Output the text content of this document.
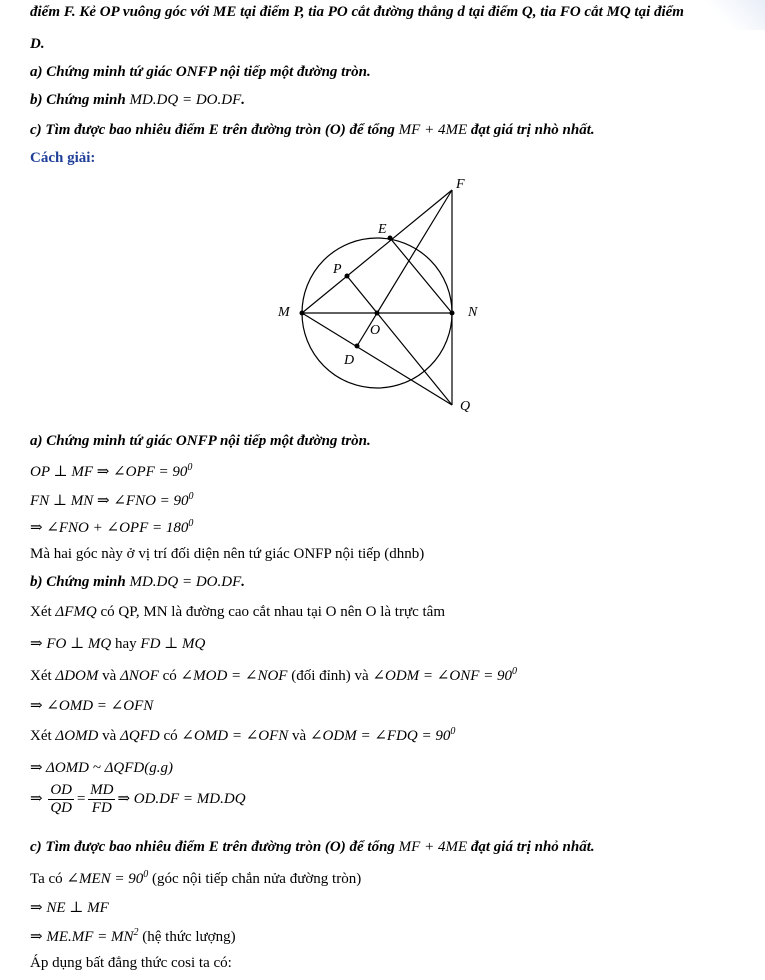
điểm F. Kẻ OP vuông góc với ME tại điểm P, tia PO cắt đường thẳng d tại điểm Q, tia FO cắt MQ tại điểm
D.
a) Chứng minh tứ giác ONFP nội tiếp một đường tròn.
b) Chứng minh MD.DQ = DO.DF.
c) Tìm được bao nhiêu điểm E trên đường tròn (O) để tổng MF + 4ME đạt giá trị nhò nhất.
Cách giải:
F
E
P
M	N
O
D
Q
a) Chứng minh tứ giác ONFP nội tiếp một đường tròn.
OP ⊥ MF ⇒ ∠OPF = $90^0$
FN ⊥ MN ⇒ ∠FNO = $90^0$
⇒ ∠FNO + ∠OPF = $180^0$
Mà hai góc này ở vị trí đối diện nên tứ giác ONFP nội tiếp (dhnb)
b) Chứng minh MD.DQ = DO.DF.
Xét ΔFMQ có QP, MN là đường cao cắt nhau tại O nên O là trực tâm
⇒ FO ⊥ MQ hay FD ⊥ MQ
Xét ΔDOM và ΔNOF có ∠MOD = ∠NOF (đối đỉnh) và ∠ODM = ∠ONF = $90^0$
⇒ ∠OMD = ∠OFN
Xét ΔOMD và ΔQFD có ∠OMD = ∠OFN và ∠ODM = ∠FDQ = $90^0$
⇒ ΔOMD ~ ΔQFD(g.g)
⇒ $\frac{OD}{QD} = \frac{MD}{FD}$ ⇒ OD.DF = MD.DQ
c) Tìm được bao nhiêu điểm E trên đường tròn (O) để tổng MF + 4ME đạt giá trị nhỏ nhất.
Ta có ∠MEN = $90^0$ (góc nội tiếp chắn nửa đường tròn)
⇒ NE ⊥ MF
⇒ $ME.MF = MN^2$ (hệ thức lượng)
Áp dụng bất đẳng thức cosi ta có:
